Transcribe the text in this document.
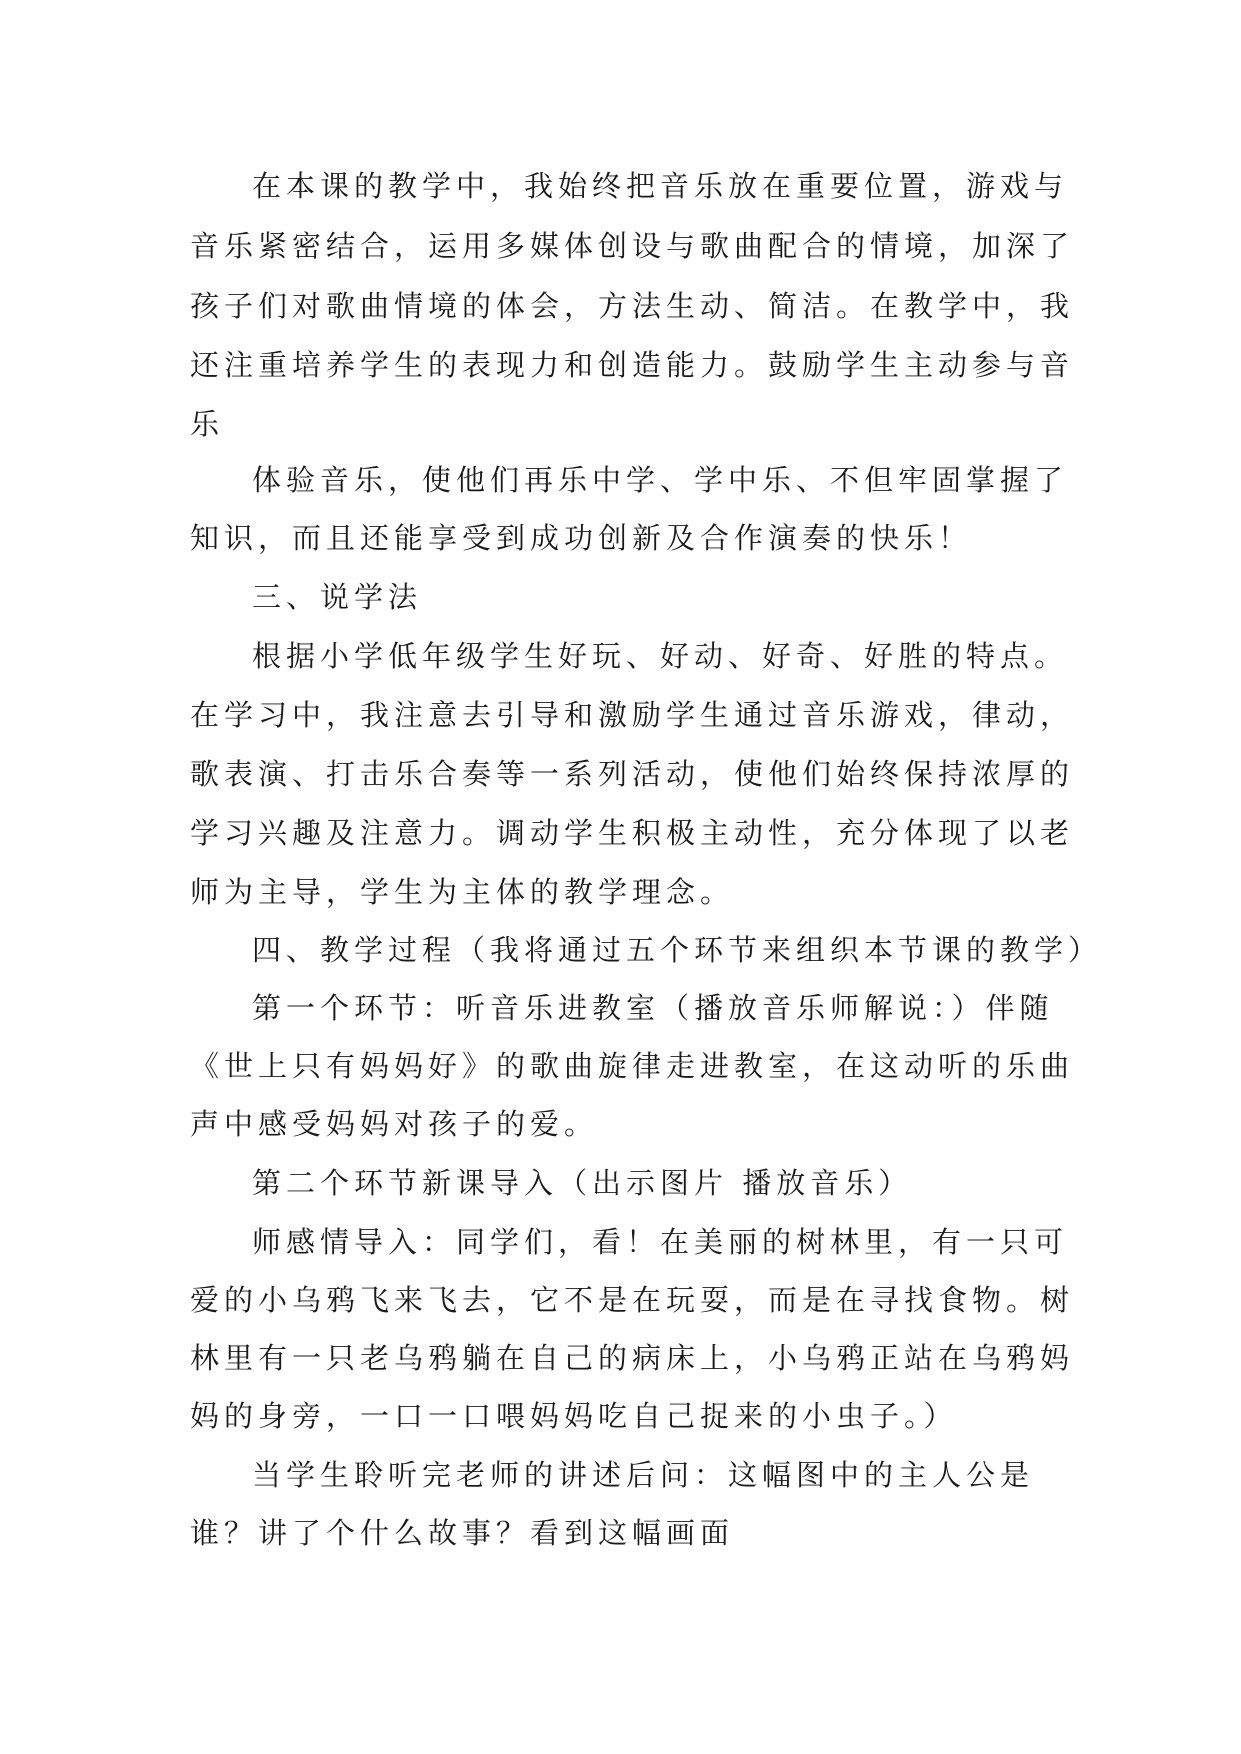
在本课的教学中，我始终把音乐放在重要位置，游戏与
音乐紧密结合，运用多媒体创设与歌曲配合的情境，加深了
孩子们对歌曲情境的体会，方法生动、简洁。在教学中，我
还注重培养学生的表现力和创造能力。鼓励学生主动参与音
乐
体验音乐，使他们再乐中学、学中乐、不但牢固掌握了
知识，而且还能享受到成功创新及合作演奏的快乐！
三、说学法
根据小学低年级学生好玩、好动、好奇、好胜的特点。
在学习中，我注意去引导和激励学生通过音乐游戏，律动，
歌表演、打击乐合奏等一系列活动，使他们始终保持浓厚的
学习兴趣及注意力。调动学生积极主动性，充分体现了以老
师为主导，学生为主体的教学理念。
四、教学过程（我将通过五个环节来组织本节课的教学）
第一个环节：听音乐进教室（播放音乐师解说：）伴随
《世上只有妈妈好》的歌曲旋律走进教室，在这动听的乐曲
声中感受妈妈对孩子的爱。
第二个环节新课导入（出示图片 播放音乐）
师感情导入：同学们，看！在美丽的树林里，有一只可
爱的小乌鸦飞来飞去，它不是在玩耍，而是在寻找食物。树
林里有一只老乌鸦躺在自己的病床上，小乌鸦正站在乌鸦妈
妈的身旁，一口一口喂妈妈吃自己捉来的小虫子。）
当学生聆听完老师的讲述后问：这幅图中的主人公是
谁？讲了个什么故事？看到这幅画面
